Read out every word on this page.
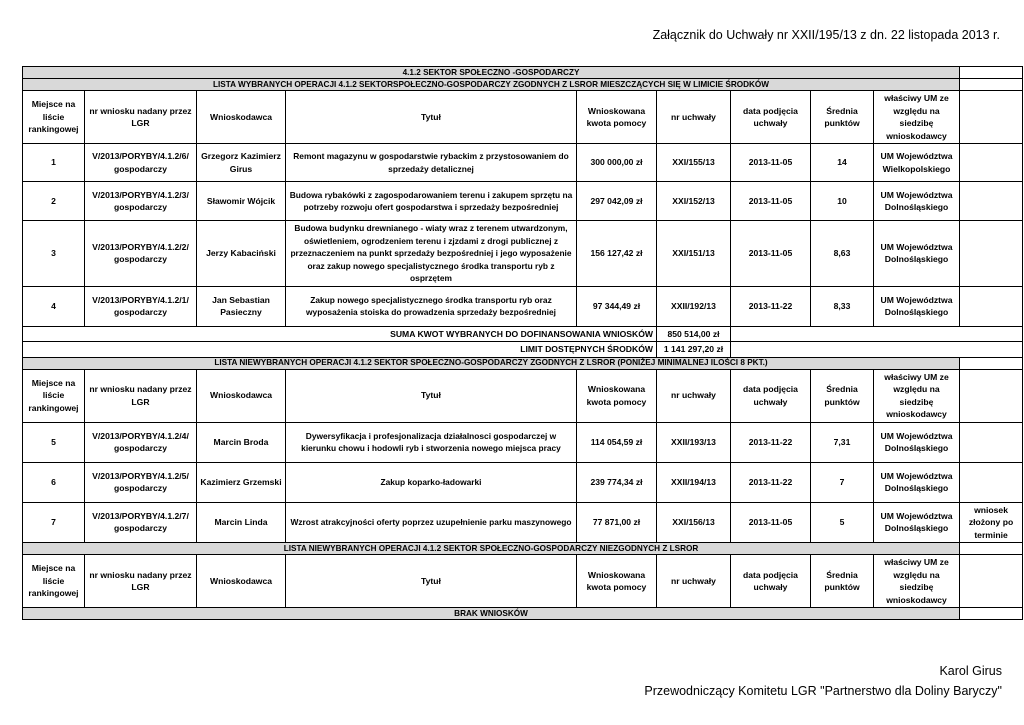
Załącznik do Uchwały nr XXII/195/13 z dn. 22 listopada 2013 r.
4.1.2 SEKTOR SPOŁECZNO -GOSPODARCZY									
LISTA WYBRANYCH OPERACJI 4.1.2 SEKTORSPOŁECZNO-GOSPODARCZY ZGODNYCH Z LSROR MIESZCZĄCYCH SIĘ W LIMICIE ŚRODKÓW									
Miejsce na liście rankingowej	nr wniosku nadany przez LGR	Wnioskodawca	Tytuł	Wnioskowana kwota pomocy	nr uchwały	data podjęcia uchwały	Średnia punktów	właściwy UM ze względu na siedzibę wnioskodawcy	
1	V/2013/PORYBY/4.1.2/6/ gospodarczy	Grzegorz Kazimierz Girus	Remont magazynu w gospodarstwie rybackim z przystosowaniem do sprzedaży detalicznej	300 000,00 zł	XXI/155/13	2013-11-05	14	UM Województwa Wielkopolskiego	
2	V/2013/PORYBY/4.1.2/3/ gospodarczy	Sławomir Wójcik	Budowa rybakówki z zagospodarowaniem terenu i zakupem sprzętu na potrzeby rozwoju ofert gospodarstwa i sprzedaży bezpośredniej	297 042,09 zł	XXI/152/13	2013-11-05	10	UM Województwa Dolnośląskiego	
3	V/2013/PORYBY/4.1.2/2/ gospodarczy	Jerzy Kabaciński	Budowa budynku drewnianego - wiaty wraz z terenem utwardzonym, oświetleniem, ogrodzeniem terenu i zjzdami z drogi publicznej z przeznaczeniem na punkt sprzedaży bezpośredniej i jego wyposażenie oraz zakup nowego specjalistycznego środka transportu ryb z osprzętem	156 127,42 zł	XXI/151/13	2013-11-05	8,63	UM Województwa Dolnośląskiego	
4	V/2013/PORYBY/4.1.2/1/ gospodarczy	Jan Sebastian Pasieczny	Zakup nowego specjalistycznego środka transportu ryb oraz wyposażenia stoiska do prowadzenia sprzedaży bezpośredniej	97 344,49 zł	XXII/192/13	2013-11-22	8,33	UM Województwa Dolnośląskiego	
SUMA KWOT WYBRANYCH DO DOFINANSOWANIA WNIOSKÓW					850 514,00 zł				
LIMIT DOSTĘPNYCH ŚRODKÓW					1 141 297,20 zł				
LISTA NIEWYBRANYCH OPERACJI 4.1.2 SEKTOR SPOŁECZNO-GOSPODARCZY ZGODNYCH Z LSROR (PONIŻEJ MINIMALNEJ ILOŚCI 8 PKT.)									
Miejsce na liście rankingowej	nr wniosku nadany przez LGR	Wnioskodawca	Tytuł	Wnioskowana kwota pomocy	nr uchwały	data podjęcia uchwały	Średnia punktów	właściwy UM ze względu na siedzibę wnioskodawcy	
5	V/2013/PORYBY/4.1.2/4/ gospodarczy	Marcin Broda	Dywersyfikacja i profesjonalizacja działalnosci gospodarczej w kierunku chowu i hodowli ryb i stworzenia nowego miejsca pracy	114 054,59 zł	XXII/193/13	2013-11-22	7,31	UM Województwa Dolnośląskiego	
6	V/2013/PORYBY/4.1.2/5/ gospodarczy	Kazimierz Grzemski	Zakup koparko-ładowarki	239 774,34 zł	XXII/194/13	2013-11-22	7	UM Województwa Dolnośląskiego	
7	V/2013/PORYBY/4.1.2/7/ gospodarczy	Marcin Linda	Wzrost atrakcyjności oferty poprzez uzupełnienie parku maszynowego	77 871,00 zł	XXI/156/13	2013-11-05	5	UM Województwa Dolnośląskiego	wniosek złożony po terminie
LISTA NIEWYBRANYCH OPERACJI 4.1.2 SEKTOR SPOŁECZNO-GOSPODARCZY NIEZGODNYCH Z LSROR									
Miejsce na liście rankingowej	nr wniosku nadany przez LGR	Wnioskodawca	Tytuł	Wnioskowana kwota pomocy	nr uchwały	data podjęcia uchwały	Średnia punktów	właściwy UM ze względu na siedzibę wnioskodawcy	
BRAK WNIOSKÓW									
Karol Girus
Przewodniczący Komitetu LGR "Partnerstwo dla Doliny Baryczy"
